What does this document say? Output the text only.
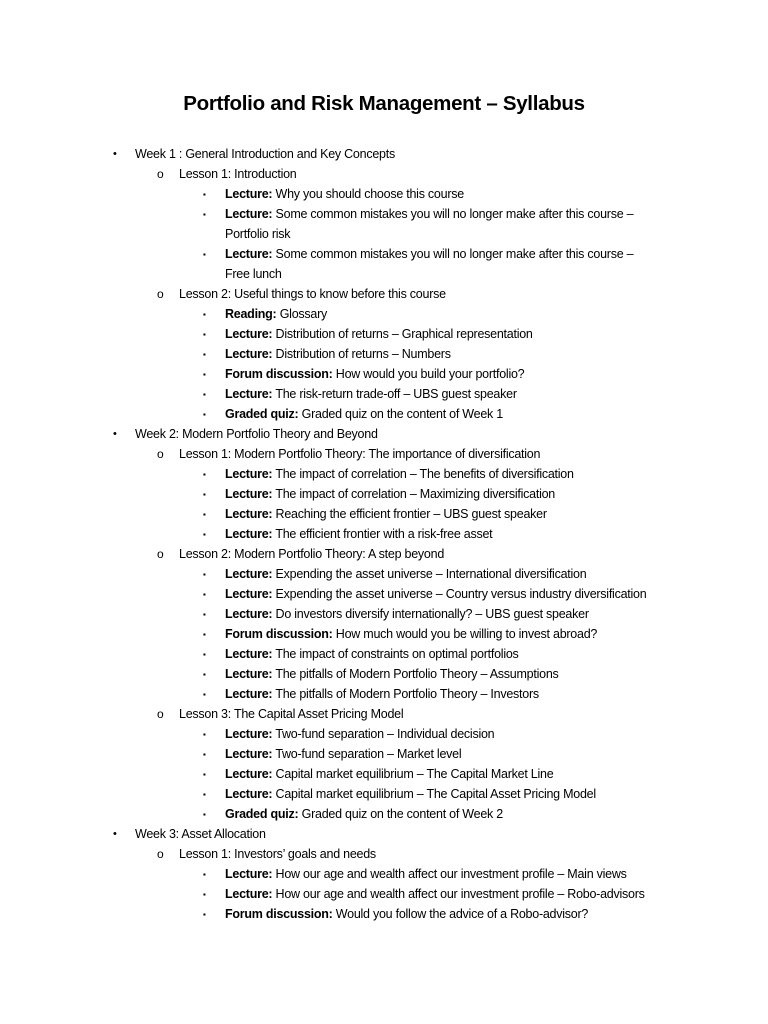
Portfolio and Risk Management – Syllabus
• Week 1 : General Introduction and Key Concepts
o Lesson 1: Introduction
▪ Lecture: Why you should choose this course
▪ Lecture: Some common mistakes you will no longer make after this course –
Portfolio risk
▪ Lecture: Some common mistakes you will no longer make after this course –
Free lunch
o Lesson 2: Useful things to know before this course
▪ Reading: Glossary
▪ Lecture: Distribution of returns – Graphical representation
▪ Lecture: Distribution of returns – Numbers
▪ Forum discussion: How would you build your portfolio?
▪ Lecture: The risk-return trade-off – UBS guest speaker
▪ Graded quiz: Graded quiz on the content of Week 1
• Week 2: Modern Portfolio Theory and Beyond
o Lesson 1: Modern Portfolio Theory: The importance of diversification
▪ Lecture: The impact of correlation – The benefits of diversification
▪ Lecture: The impact of correlation – Maximizing diversification
▪ Lecture: Reaching the efficient frontier – UBS guest speaker
▪ Lecture: The efficient frontier with a risk-free asset
o Lesson 2: Modern Portfolio Theory: A step beyond
▪ Lecture: Expending the asset universe – International diversification
▪ Lecture: Expending the asset universe – Country versus industry diversification
▪ Lecture: Do investors diversify internationally? – UBS guest speaker
▪ Forum discussion: How much would you be willing to invest abroad?
▪ Lecture: The impact of constraints on optimal portfolios
▪ Lecture: The pitfalls of Modern Portfolio Theory – Assumptions
▪ Lecture: The pitfalls of Modern Portfolio Theory – Investors
o Lesson 3: The Capital Asset Pricing Model
▪ Lecture: Two-fund separation – Individual decision
▪ Lecture: Two-fund separation – Market level
▪ Lecture: Capital market equilibrium – The Capital Market Line
▪ Lecture: Capital market equilibrium – The Capital Asset Pricing Model
▪ Graded quiz: Graded quiz on the content of Week 2
• Week 3: Asset Allocation
o Lesson 1: Investors’ goals and needs
▪ Lecture: How our age and wealth affect our investment profile – Main views
▪ Lecture: How our age and wealth affect our investment profile – Robo-advisors
▪ Forum discussion: Would you follow the advice of a Robo-advisor?
